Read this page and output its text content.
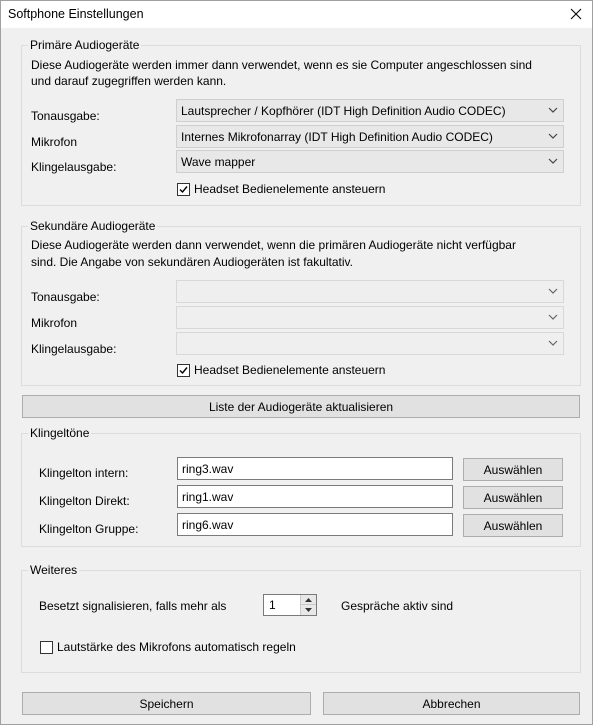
Softphone Einstellungen
Primäre Audiogeräte
Diese Audiogeräte werden immer dann verwendet, wenn es sie Computer angeschlossen sind
und darauf zugegriffen werden kann.
Tonausgabe:	Lautsprecher / Kopfhörer (IDT High Definition Audio CODEC)
Mikrofon	Internes Mikrofonarray (IDT High Definition Audio CODEC)
Klingelausgabe:	Wave mapper
Headset Bedienelemente ansteuern
Sekundäre Audiogeräte
Diese Audiogeräte werden dann verwendet, wenn die primären Audiogeräte nicht verfügbar
sind. Die Angabe von sekundären Audiogeräten ist fakultativ.
Tonausgabe:
Mikrofon
Klingelausgabe:
Headset Bedienelemente ansteuern
Liste der Audiogeräte aktualisieren
Klingeltöne
Klingelton intern:	ring3.wav	Auswählen
Klingelton Direkt:	ring1.wav	Auswählen
Klingelton Gruppe:	ring6.wav	Auswählen
Weiteres
Besetzt signalisieren, falls mehr als	1	Gespräche aktiv sind
Lautstärke des Mikrofons automatisch regeln
Speichern	Abbrechen
